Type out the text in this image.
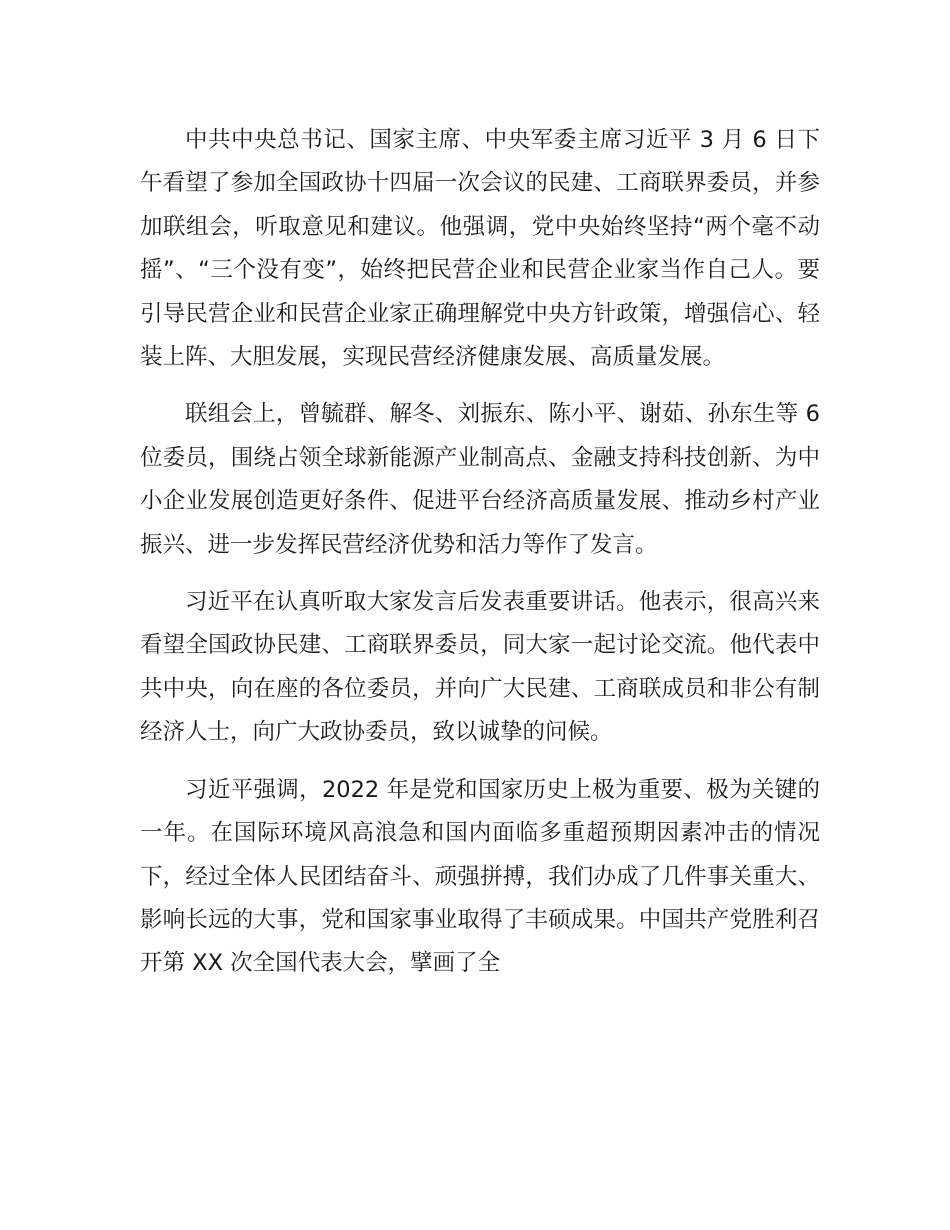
中共中央总书记、国家主席、中央军委主席习近平 3 月 6 日下午看望了参加全国政协十四届一次会议的民建、工商联界委员，并参加联组会，听取意见和建议。他强调，党中央始终坚持“两个毫不动摇”、“三个没有变”，始终把民营企业和民营企业家当作自己人。要引导民营企业和民营企业家正确理解党中央方针政策，增强信心、轻装上阵、大胆发展，实现民营经济健康发展、高质量发展。

联组会上，曾毓群、解冬、刘振东、陈小平、谢茹、孙东生等 6 位委员，围绕占领全球新能源产业制高点、金融支持科技创新、为中小企业发展创造更好条件、促进平台经济高质量发展、推动乡村产业振兴、进一步发挥民营经济优势和活力等作了发言。

习近平在认真听取大家发言后发表重要讲话。他表示，很高兴来看望全国政协民建、工商联界委员，同大家一起讨论交流。他代表中共中央，向在座的各位委员，并向广大民建、工商联成员和非公有制经济人士，向广大政协委员，致以诚挚的问候。

习近平强调，2022 年是党和国家历史上极为重要、极为关键的一年。在国际环境风高浪急和国内面临多重超预期因素冲击的情况下，经过全体人民团结奋斗、顽强拼搏，我们办成了几件事关重大、影响长远的大事，党和国家事业取得了丰硕成果。中国共产党胜利召开第 XX 次全国代表大会，擘画了全
